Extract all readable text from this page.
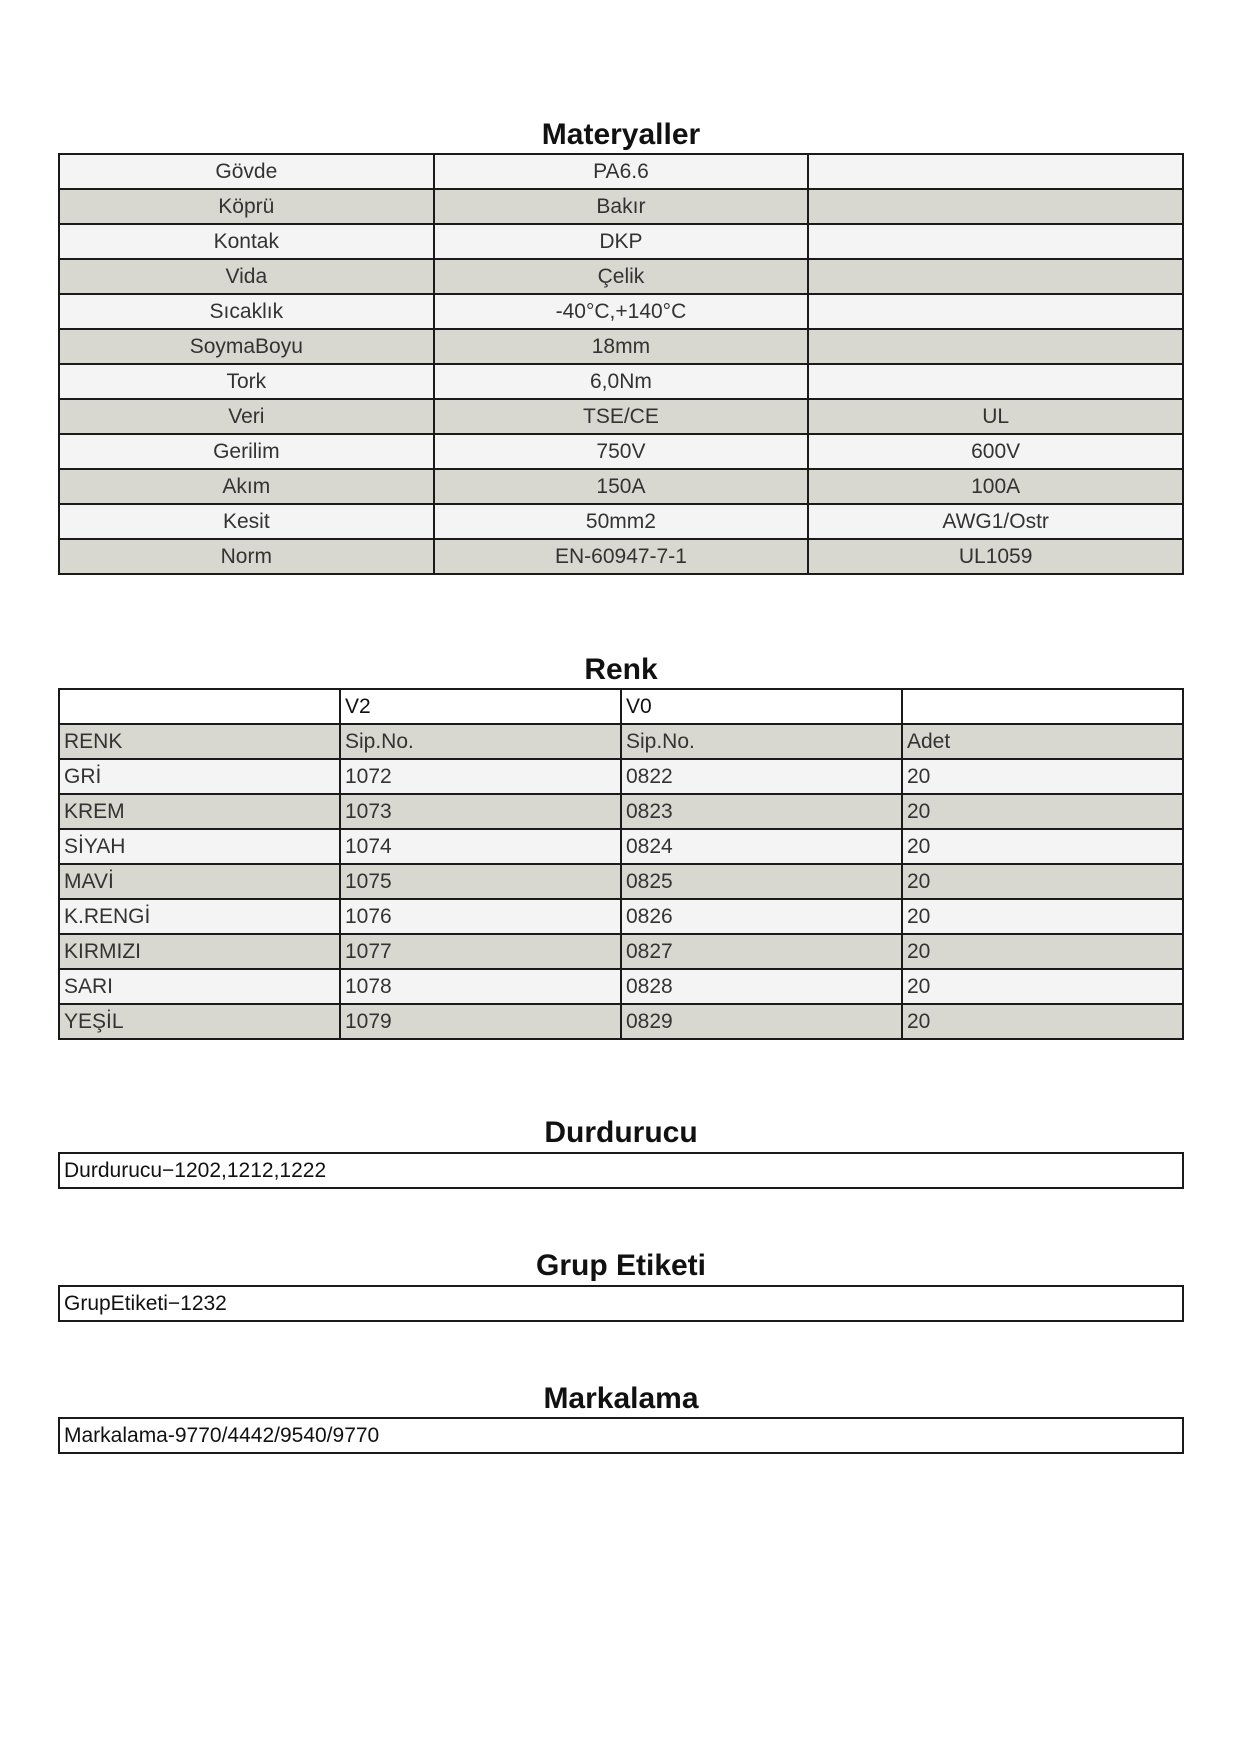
Materyaller
Gövde	PA6.6	
Köprü	Bakır	
Kontak	DKP	
Vida	Çelik	
Sıcaklık	-40°C,+140°C	
SoymaBoyu	18mm	
Tork	6,0Nm	
Veri	TSE/CE	UL
Gerilim	750V	600V
Akım	150A	100A
Kesit	50mm2	AWG1/Ostr
Norm	EN-60947-7-1	UL1059
Renk
	V2	V0	
RENK	Sip.No.	Sip.No.	Adet
GRİ	1072	0822	20
KREM	1073	0823	20
SİYAH	1074	0824	20
MAVİ	1075	0825	20
K.RENGİ	1076	0826	20
KIRMIZI	1077	0827	20
SARI	1078	0828	20
YEŞİL	1079	0829	20
Durdurucu
Durdurucu−1202,1212,1222
Grup Etiketi
GrupEtiketi−1232
Markalama
Markalama-9770/4442/9540/9770
